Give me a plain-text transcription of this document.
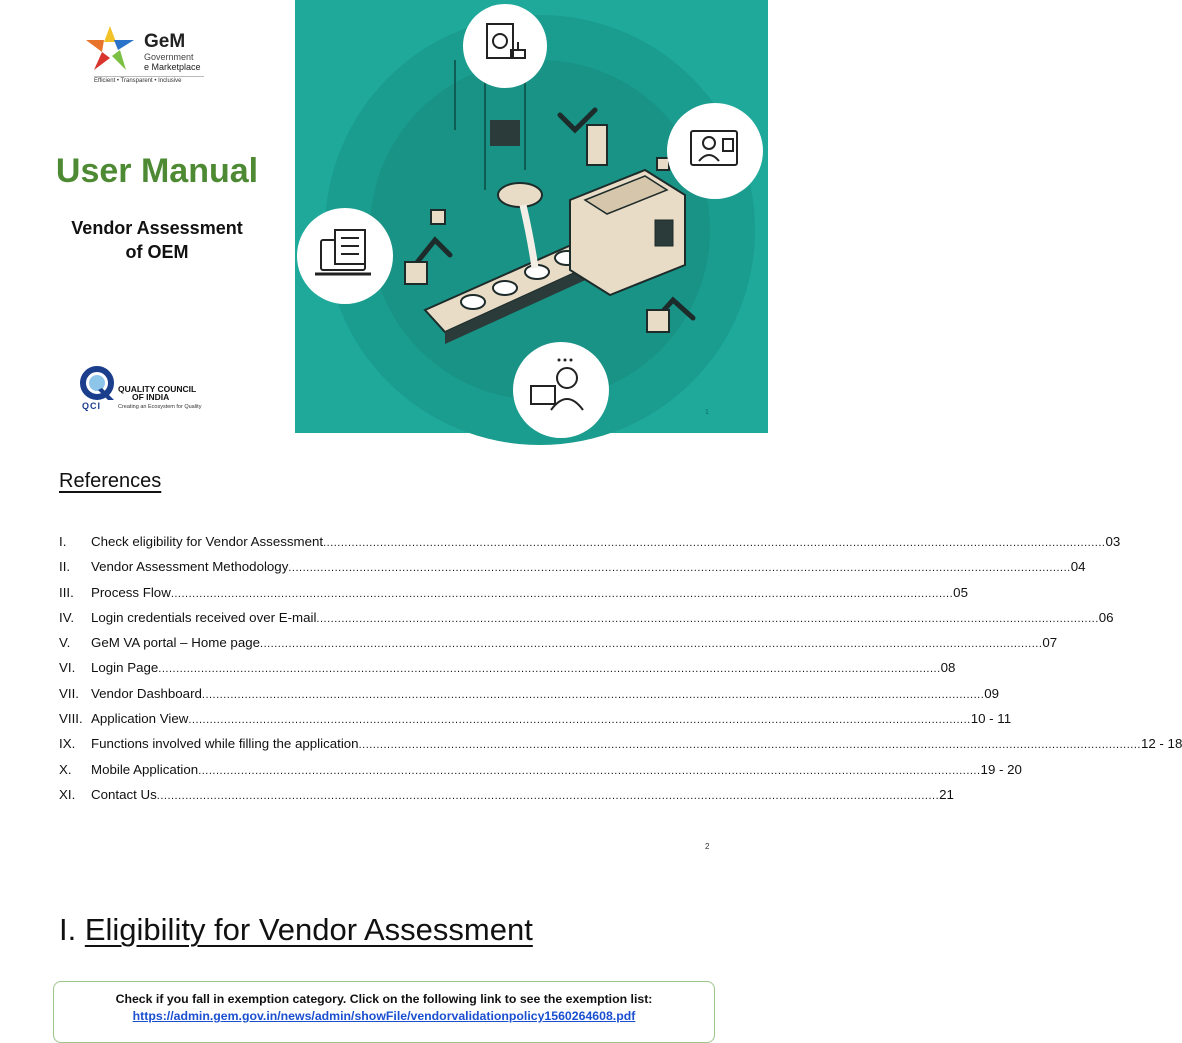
GeM
Government
e Marketplace
Efficient • Transparent • Inclusive
User Manual
Vendor Assessment
of OEM
QUALITY COUNCIL
OF INDIA
QCI	Creating an Ecosystem for Quality
1
References
I.	Check eligibility for Vendor Assessment ............................................................................................................................................................................................................................ 03
II.	Vendor Assessment Methodology ............................................................................................................................................................................................................................ 04
III.	Process Flow ............................................................................................................................................................................................................................ 05
IV.	Login credentials received over E-mail ............................................................................................................................................................................................................................ 06
V.	GeM VA portal – Home page ............................................................................................................................................................................................................................ 07
VI.	Login Page ............................................................................................................................................................................................................................ 08
VII. Vendor Dashboard ............................................................................................................................................................................................................................ 09
VIII. Application View ............................................................................................................................................................................................................................ 10 - 11
IX.	Functions involved while filling the application ............................................................................................................................................................................................................................ 12 - 18
X.	Mobile Application ............................................................................................................................................................................................................................ 19 - 20
XI.	Contact Us ............................................................................................................................................................................................................................ 21
2
I. Eligibility for Vendor Assessment
Check if you fall in exemption category. Click on the following link to see the exemption list:
https://admin.gem.gov.in/news/admin/showFile/vendorvalidationpolicy1560264608.pdf
